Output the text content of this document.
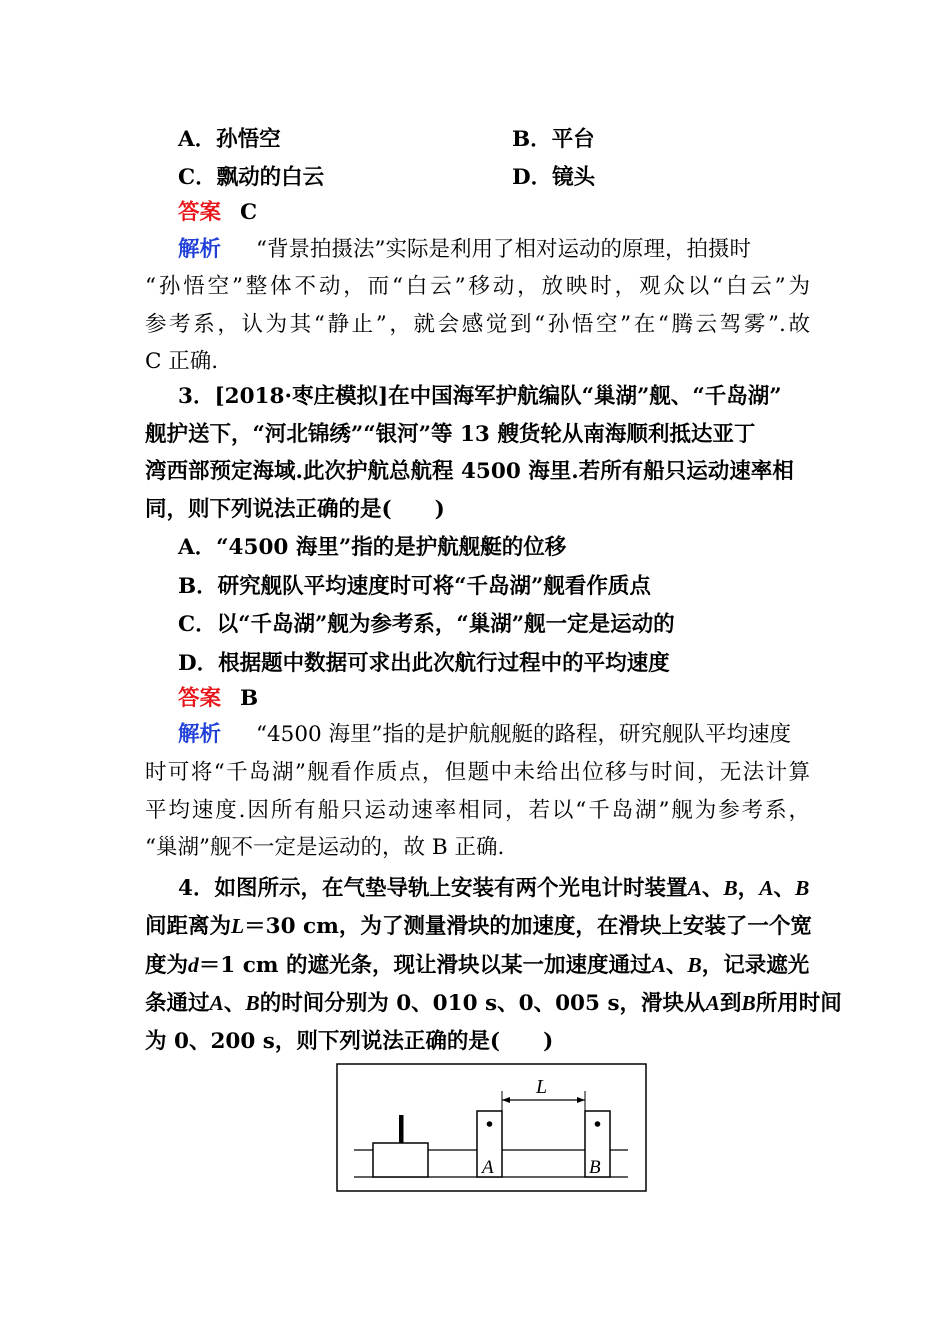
A．孙悟空	B．平台
C．飘动的白云	D．镜头
答案 C
解析 “背景拍摄法”实际是利用了相对运动的原理，拍摄时
“孙悟空”整体不动，而“白云”移动，放映时，观众以“白云”为
参考系，认为其“静止”，就会感觉到“孙悟空”在“腾云驾雾”.故
C 正确.
3．[2018·枣庄模拟]在中国海军护航编队“巢湖”舰、“千岛湖”
舰护送下，“河北锦绣”“银河”等 13 艘货轮从南海顺利抵达亚丁
湾西部预定海域.此次护航总航程 4500 海里.若所有船只运动速率相
同，则下列说法正确的是(　　)
A．“4500 海里”指的是护航舰艇的位移
B．研究舰队平均速度时可将“千岛湖”舰看作质点
C．以“千岛湖”舰为参考系，“巢湖”舰一定是运动的
D．根据题中数据可求出此次航行过程中的平均速度
答案 B
解析 “4500 海里”指的是护航舰艇的路程，研究舰队平均速度
时可将“千岛湖”舰看作质点，但题中未给出位移与时间，无法计算
平均速度.因所有船只运动速率相同，若以“千岛湖”舰为参考系，
“巢湖”舰不一定是运动的，故 B 正确.
4．如图所示，在气垫导轨上安装有两个光电计时装置A、B，A、B
间距离为L＝30 cm，为了测量滑块的加速度，在滑块上安装了一个宽
度为d＝1 cm 的遮光条，现让滑块以某一加速度通过A、B，记录遮光
条通过A、B的时间分别为 0、010 s、0、005 s，滑块从A到B所用时间
为 0、200 s，则下列说法正确的是(　　)
L
A	B
